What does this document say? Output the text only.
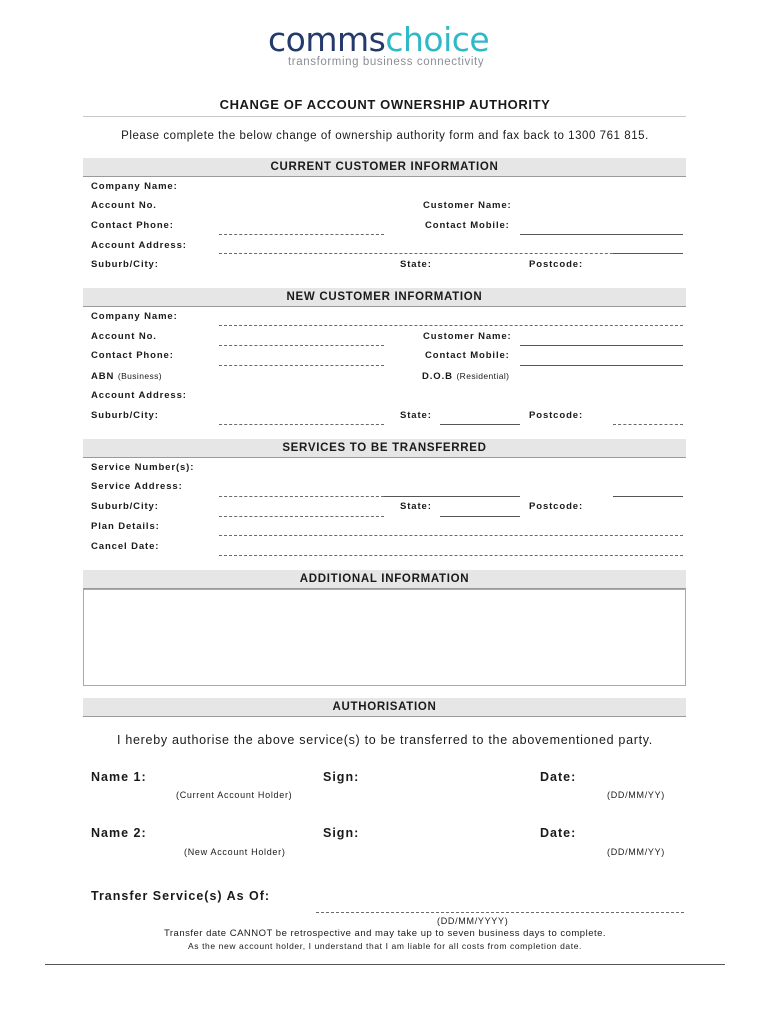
commschoice
transforming business connectivity
CHANGE OF ACCOUNT OWNERSHIP AUTHORITY
Please complete the below change of ownership authority form and fax back to 1300 761 815.
CURRENT CUSTOMER INFORMATION
Company Name:
Account No.	Customer Name:
Contact Phone:	Contact Mobile:
Account Address:
Suburb/City:	State:	Postcode:
NEW CUSTOMER INFORMATION
Company Name:
Account No.	Customer Name:
Contact Phone:	Contact Mobile:
ABN (Business)	D.O.B (Residential)
Account Address:
Suburb/City:	State:	Postcode:
SERVICES TO BE TRANSFERRED
Service Number(s):
Service Address:
Suburb/City:	State:	Postcode:
Plan Details:
Cancel Date:
ADDITIONAL INFORMATION
AUTHORISATION
I hereby authorise the above service(s) to be transferred to the abovementioned party.
Name 1:	Sign:	Date:
(Current Account Holder)	(DD/MM/YY)
Name 2:	Sign:	Date:
(New Account Holder)	(DD/MM/YY)
Transfer Service(s) As Of:
(DD/MM/YYYY)
Transfer date CANNOT be retrospective and may take up to seven business days to complete.
As the new account holder, I understand that I am liable for all costs from completion date.
